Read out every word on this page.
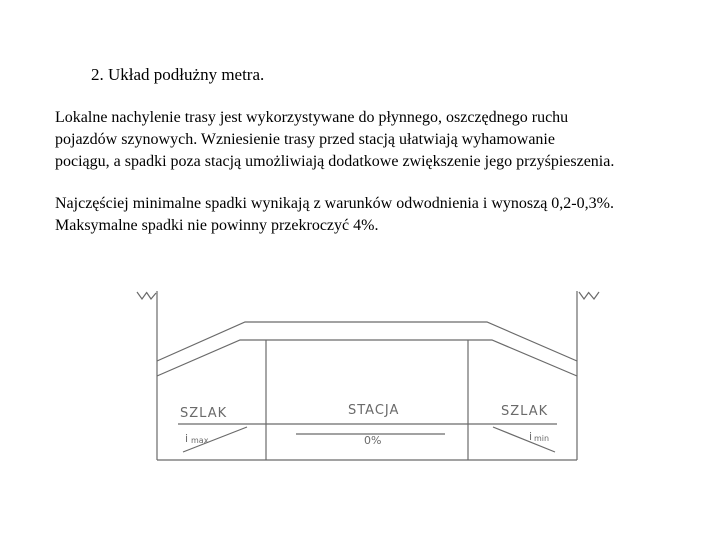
2. Układ podłużny metra.
Lokalne nachylenie trasy jest wykorzystywane do płynnego, oszczędnego ruchu
pojazdów szynowych. Wzniesienie trasy przed stacją ułatwiają wyhamowanie
pociągu, a spadki poza stacją umożliwiają dodatkowe zwiększenie jego przyśpieszenia.
Najczęściej minimalne spadki wynikają z warunków odwodnienia i wynoszą 0,2-0,3%.
Maksymalne spadki nie powinny przekroczyć 4%.
SZLAK	STACJA	SZLAK
i max	0%	i min
